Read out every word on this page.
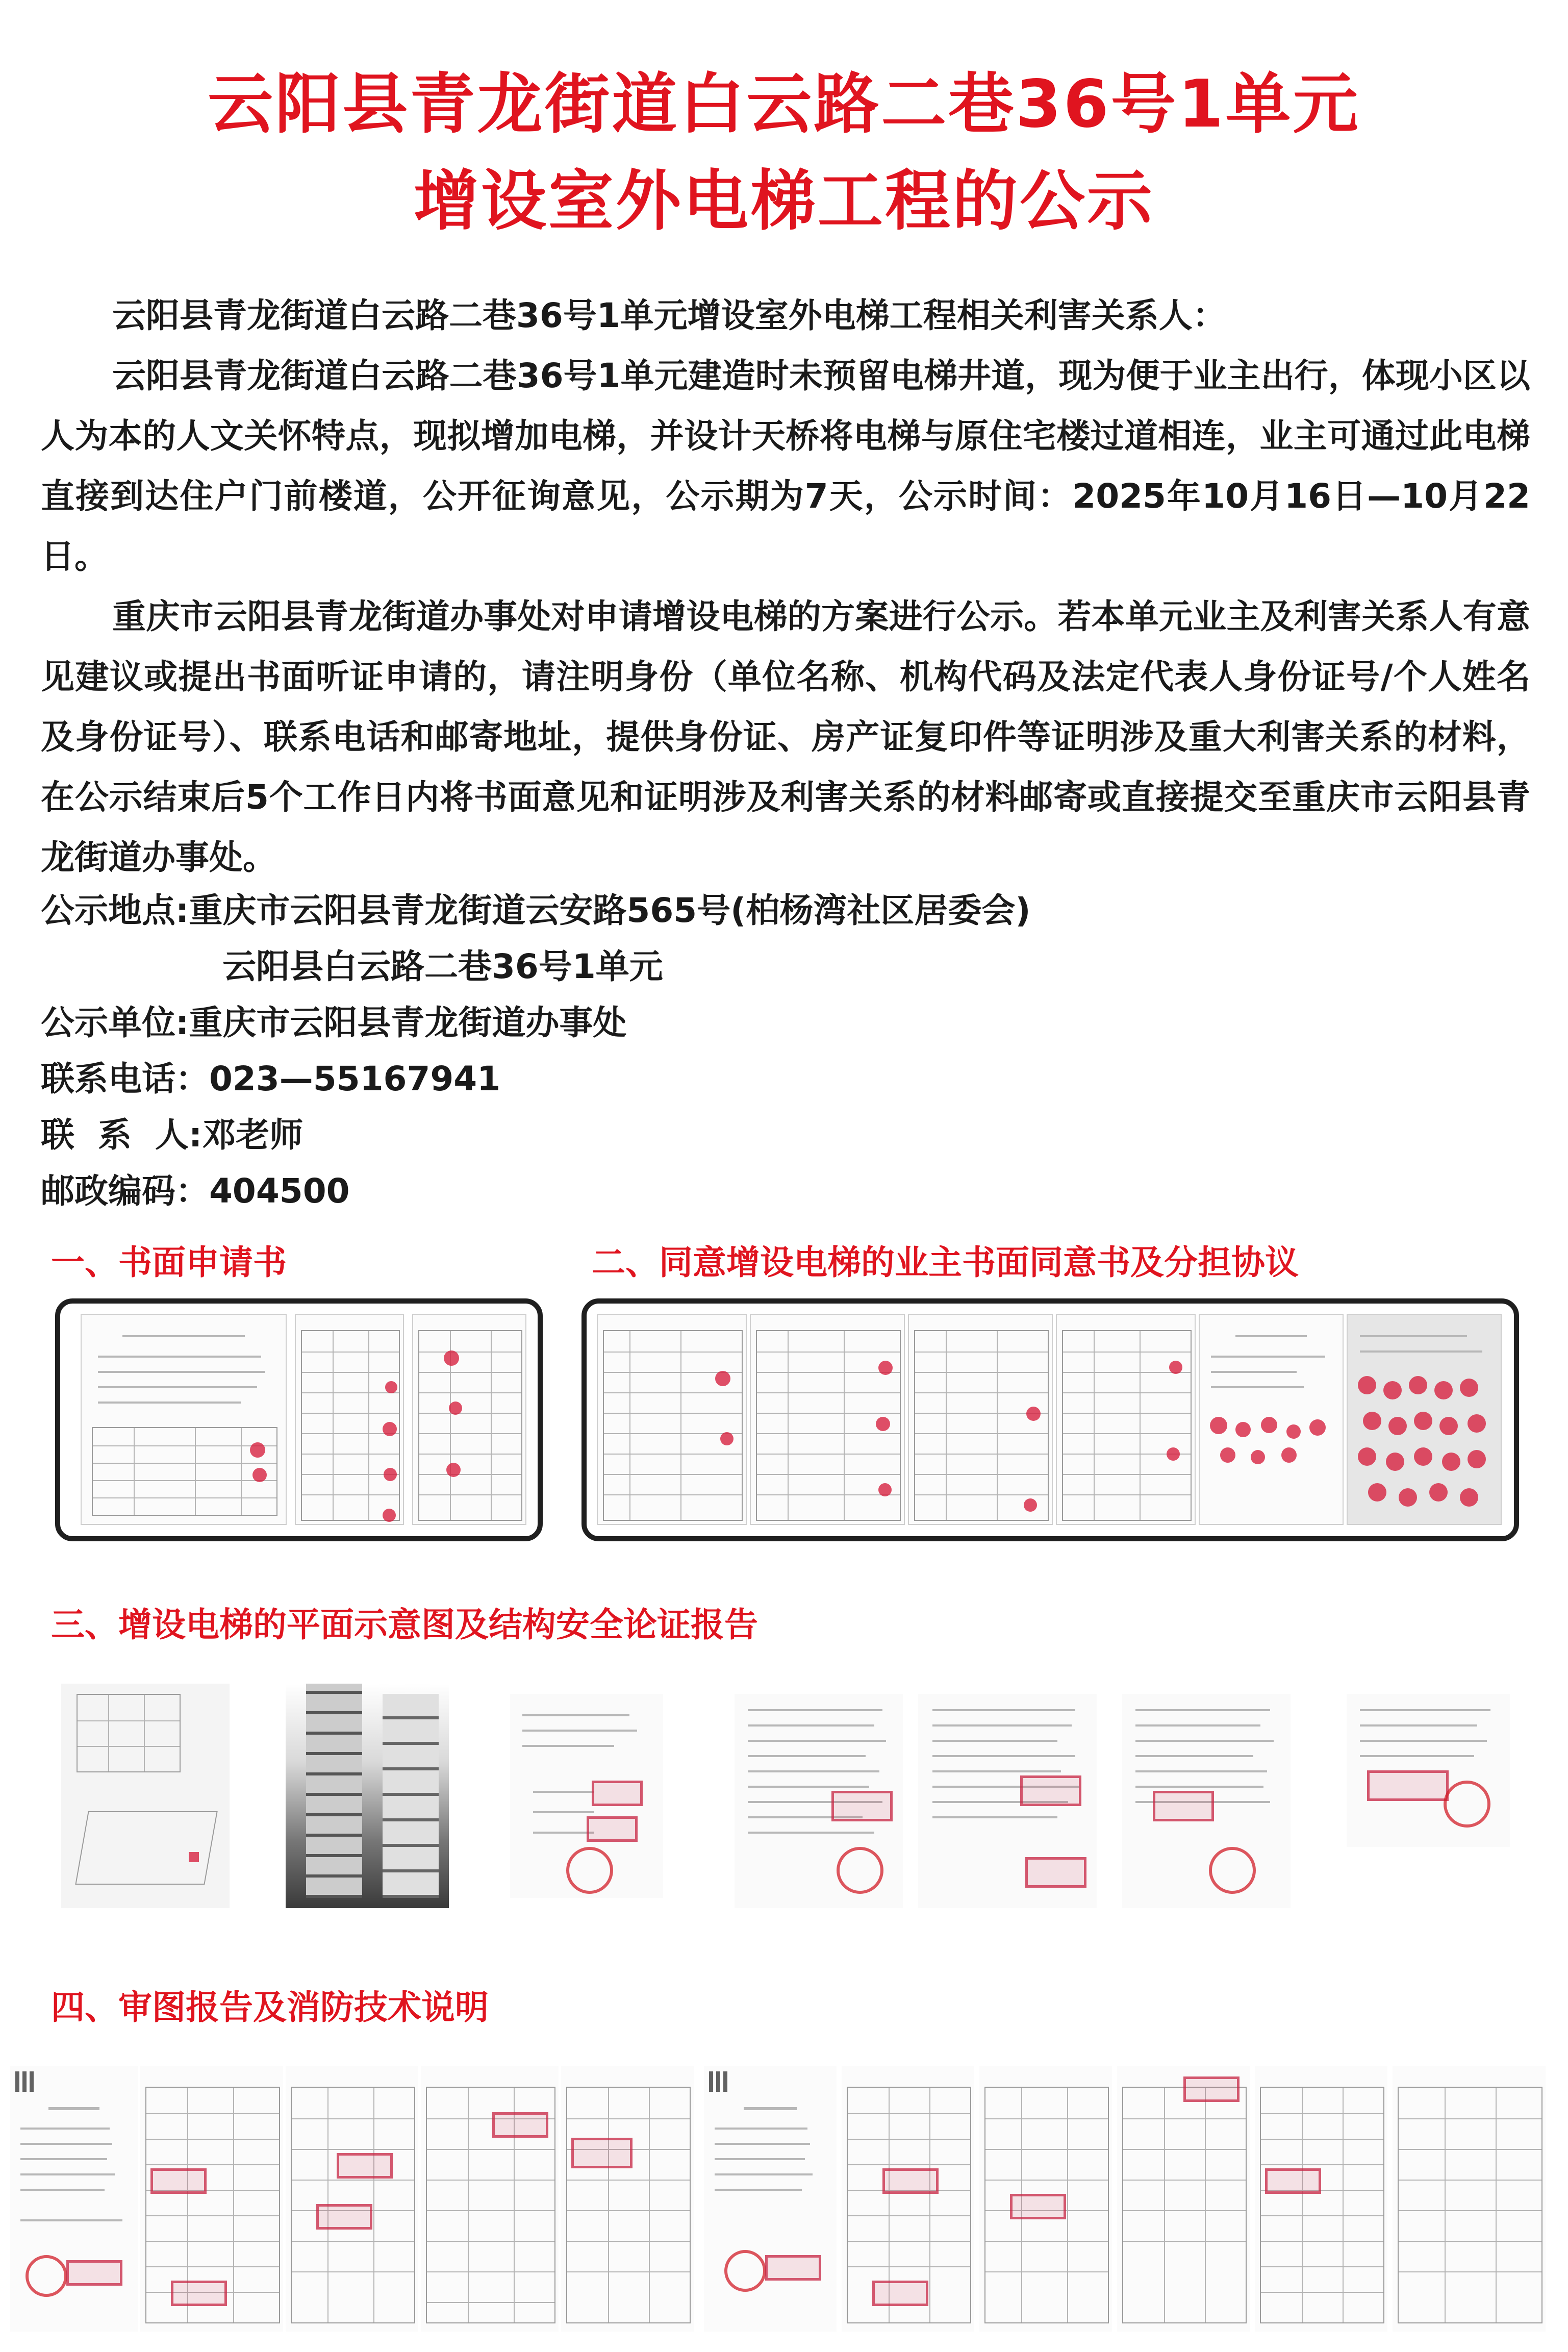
云阳县青龙街道白云路二巷36号1单元
增设室外电梯工程的公示

云阳县青龙街道白云路二巷36号1单元增设室外电梯工程相关利害关系人：

云阳县青龙街道白云路二巷36号1单元建造时未预留电梯井道，现为便于业主出行，体现小区以人为本的人文关怀特点，现拟增加电梯，并设计天桥将电梯与原住宅楼过道相连，业主可通过此电梯直接到达住户门前楼道，公开征询意见，公示期为7天，公示时间：2025年10月16日—10月22日。

重庆市云阳县青龙街道办事处对申请增设电梯的方案进行公示。若本单元业主及利害关系人有意见建议或提出书面听证申请的，请注明身份（单位名称、机构代码及法定代表人身份证号/个人姓名及身份证号）、联系电话和邮寄地址，提供身份证、房产证复印件等证明涉及重大利害关系的材料，在公示结束后5个工作日内将书面意见和证明涉及利害关系的材料邮寄或直接提交至重庆市云阳县青龙街道办事处。

公示地点:重庆市云阳县青龙街道云安路565号(柏杨湾社区居委会)
云阳县白云路二巷36号1单元
公示单位:重庆市云阳县青龙街道办事处
联系电话：023—55167941
联  系  人:邓老师
邮政编码：404500
一、书面申请书	二、同意增设电梯的业主书面同意书及分担协议
三、增设电梯的平面示意图及结构安全论证报告
四、审图报告及消防技术说明
